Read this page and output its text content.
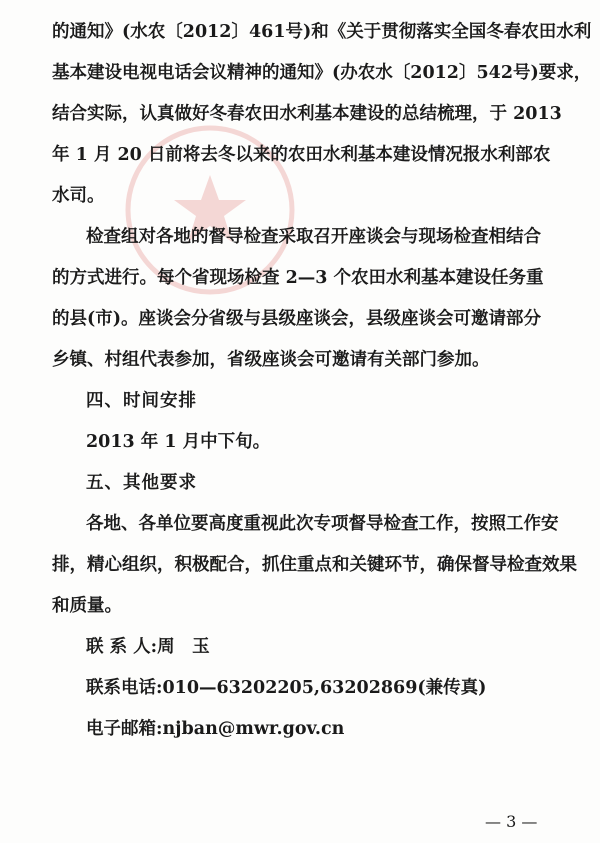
的通知》(水农〔2012〕461号)和《关于贯彻落实全国冬春农田水利
基本建设电视电话会议精神的通知》(办农水〔2012〕542号)要求，
结合实际，认真做好冬春农田水利基本建设的总结梳理，于 2013
年 1 月 20 日前将去冬以来的农田水利基本建设情况报水利部农
水司。
检查组对各地的督导检查采取召开座谈会与现场检查相结合
的方式进行。每个省现场检查 2—3 个农田水利基本建设任务重
的县(市)。座谈会分省级与县级座谈会，县级座谈会可邀请部分
乡镇、村组代表参加，省级座谈会可邀请有关部门参加。
四、时间安排
2013 年 1 月中下旬。
五、其他要求
各地、各单位要高度重视此次专项督导检查工作，按照工作安
排，精心组织，积极配合，抓住重点和关键环节，确保督导检查效果
和质量。
联 系 人:周　玉
联系电话:010—63202205,63202869(兼传真)
电子邮箱:njban@mwr.gov.cn
— 3 —
